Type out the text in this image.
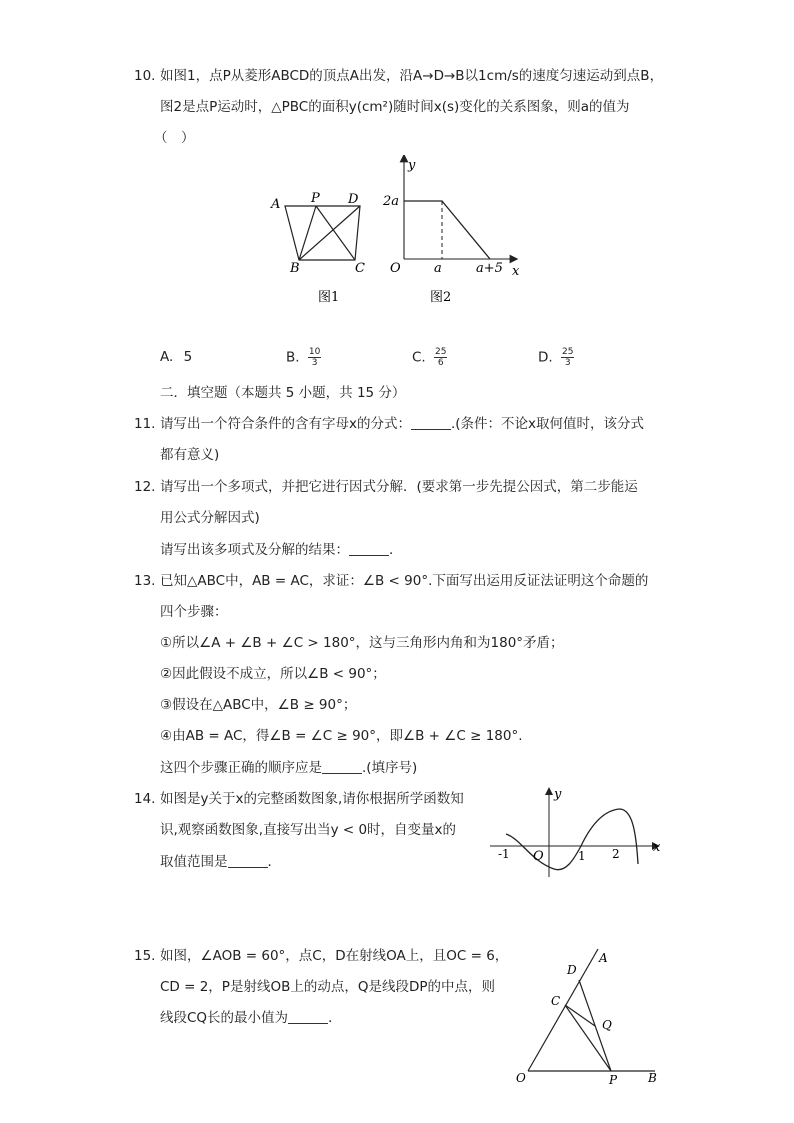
10. 如图1，点P从菱形ABCD的顶点A出发，沿A→D→B以1cm/s的速度匀速运动到点B，
图2是点P运动时，△PBC的面积y(cm²)随时间x(s)变化的关系图象，则a的值为
（　）
A P D
B	C
图1
y
2a
O	a	a+5 x
图2
A. 5	B. $\frac{10}{3}$	C. $\frac{25}{6}$	D. $\frac{25}{3}$
二．填空题（本题共 5 小题，共 15 分）
11. 请写出一个符合条件的含有字母x的分式：	.(条件：不论x取何值时，该分式
都有意义)
12. 请写出一个多项式，并把它进行因式分解．(要求第一步先提公因式，第二步能运
用公式分解因式)
请写出该多项式及分解的结果：	．
13. 已知△ABC中，AB = AC，求证：∠B < 90°.下面写出运用反证法证明这个命题的
四个步骤：
①所以∠A + ∠B + ∠C > 180°，这与三角形内角和为180°矛盾；
②因此假设不成立，所以∠B < 90°；
③假设在△ABC中，∠B ≥ 90°；
④由AB = AC，得∠B = ∠C ≥ 90°，即∠B + ∠C ≥ 180°.
这四个步骤正确的顺序应是	.(填序号)
14. 如图是y关于x的完整函数图象,请你根据所学函数知
识,观察函数图象,直接写出当y < 0时，自变量x的
取值范围是	．
y
x
-1 O	1 2
15. 如图，∠AOB = 60°，点C，D在射线OA上，且OC = 6，
CD = 2，P是射线OB上的动点，Q是线段DP的中点，则
线段CQ长的最小值为	．
A
D
C
Q
O	P	B
